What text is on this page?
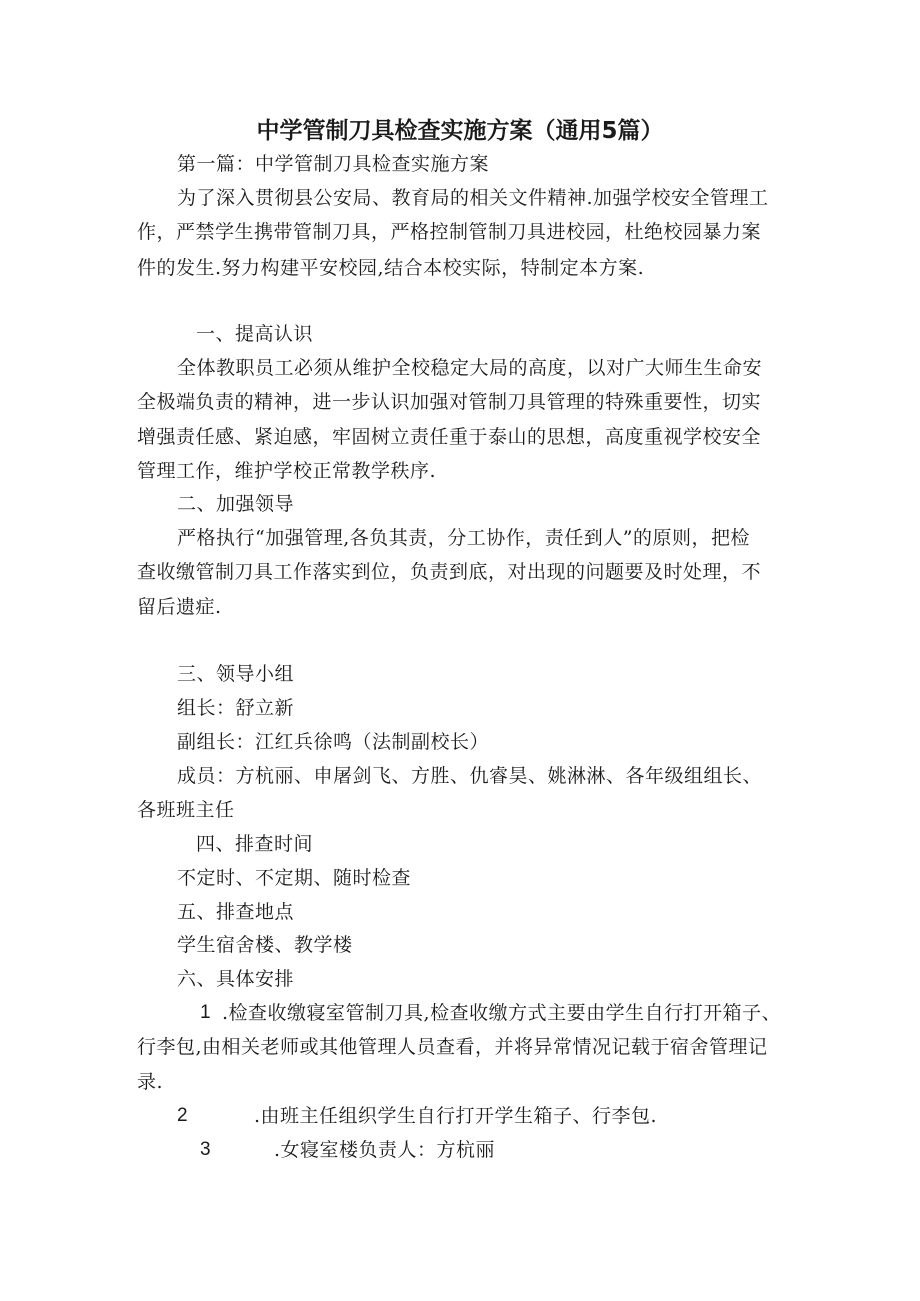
中学管制刀具检查实施方案（通用5篇）
第一篇：中学管制刀具检查实施方案
为了深入贯彻县公安局、教育局的相关文件精神.加强学校安全管理工
作，严禁学生携带管制刀具，严格控制管制刀具进校园，杜绝校园暴力案
件的发生.努力构建平安校园,结合本校实际，特制定本方案.
一、提高认识
全体教职员工必须从维护全校稳定大局的高度，以对广大师生生命安
全极端负责的精神，进一步认识加强对管制刀具管理的特殊重要性，切实
增强责任感、紧迫感，牢固树立责任重于泰山的思想，高度重视学校安全
管理工作，维护学校正常教学秩序.
二、加强领导
严格执行“加强管理,各负其责，分工协作，责任到人”的原则，把检
查收缴管制刀具工作落实到位，负责到底，对出现的问题要及时处理，不
留后遗症.
三、领导小组
组长：舒立新
副组长：江红兵徐鸣（法制副校长）
成员：方杭丽、申屠剑飞、方胜、仇睿昊、姚淋淋、各年级组组长、
各班班主任
四、排查时间
不定时、不定期、随时检查
五、排查地点
学生宿舍楼、教学楼
六、具体安排
1 .检查收缴寝室管制刀具,检查收缴方式主要由学生自行打开箱子、
行李包,由相关老师或其他管理人员查看，并将异常情况记载于宿舍管理记
录.
2	.由班主任组织学生自行打开学生箱子、行李包.
3	.女寝室楼负责人：方杭丽
